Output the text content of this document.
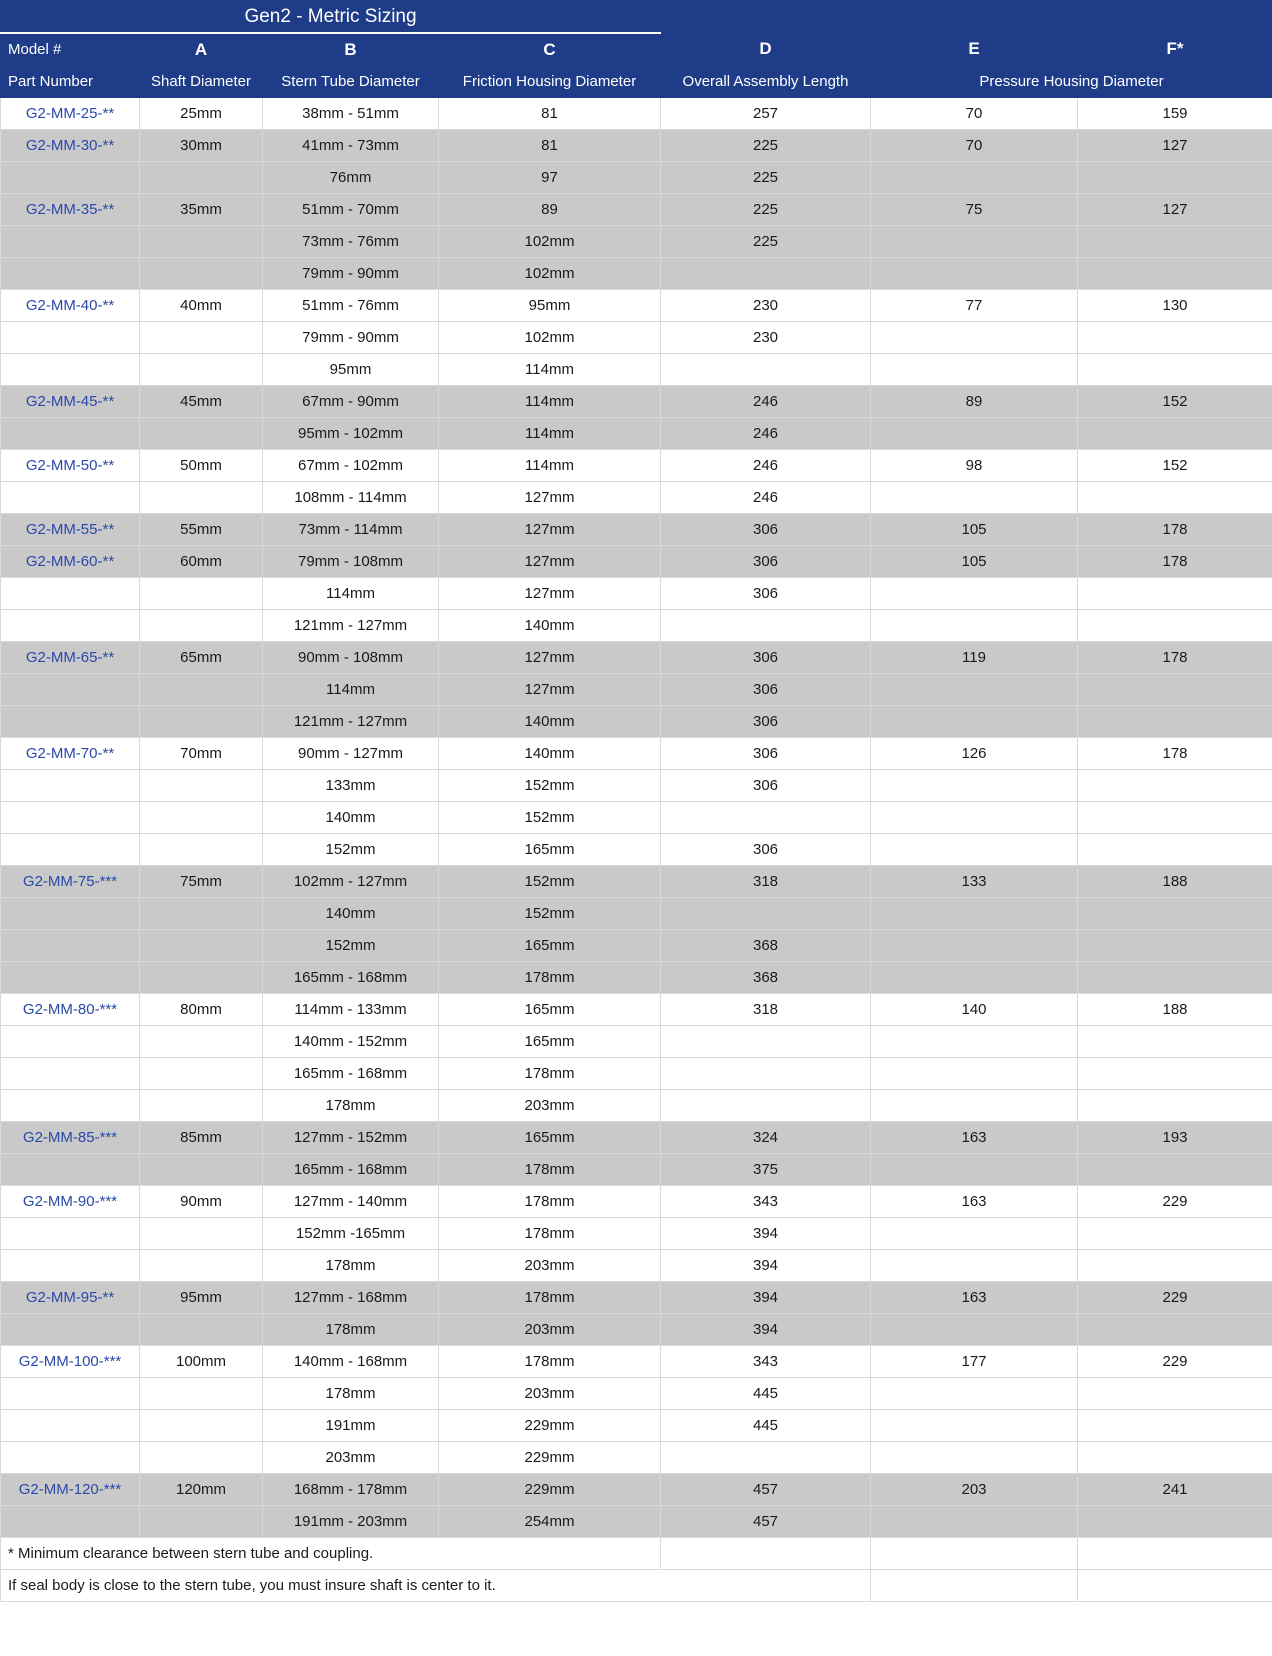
Gen2 - Metric Sizing						
Model #	A	B	C	D	E	F*
Part Number	Shaft Diameter	Stern Tube Diameter	Friction Housing Diameter	Overall Assembly Length	Pressure Housing Diameter	
G2-MM-25-**	25mm	38mm - 51mm	81	257	70	159
G2-MM-30-**	30mm	41mm - 73mm	81	225	70	127
		76mm	97	225		
G2-MM-35-**	35mm	51mm - 70mm	89	225	75	127
		73mm - 76mm	102mm	225		
		79mm - 90mm	102mm			
G2-MM-40-**	40mm	51mm - 76mm	95mm	230	77	130
		79mm - 90mm	102mm	230		
		95mm	114mm			
G2-MM-45-**	45mm	67mm - 90mm	114mm	246	89	152
		95mm - 102mm	114mm	246		
G2-MM-50-**	50mm	67mm - 102mm	114mm	246	98	152
		108mm - 114mm	127mm	246		
G2-MM-55-**	55mm	73mm - 114mm	127mm	306	105	178
G2-MM-60-**	60mm	79mm - 108mm	127mm	306	105	178
		114mm	127mm	306		
		121mm - 127mm	140mm			
G2-MM-65-**	65mm	90mm - 108mm	127mm	306	119	178
		114mm	127mm	306		
		121mm - 127mm	140mm	306		
G2-MM-70-**	70mm	90mm - 127mm	140mm	306	126	178
		133mm	152mm	306		
		140mm	152mm			
		152mm	165mm	306		
G2-MM-75-***	75mm	102mm - 127mm	152mm	318	133	188
		140mm	152mm			
		152mm	165mm	368		
		165mm - 168mm	178mm	368		
G2-MM-80-***	80mm	114mm - 133mm	165mm	318	140	188
		140mm - 152mm	165mm			
		165mm - 168mm	178mm			
		178mm	203mm			
G2-MM-85-***	85mm	127mm - 152mm	165mm	324	163	193
		165mm - 168mm	178mm	375		
G2-MM-90-***	90mm	127mm - 140mm	178mm	343	163	229
		152mm -165mm	178mm	394		
		178mm	203mm	394		
G2-MM-95-**	95mm	127mm - 168mm	178mm	394	163	229
		178mm	203mm	394		
G2-MM-100-***	100mm	140mm - 168mm	178mm	343	177	229
		178mm	203mm	445		
		191mm	229mm	445		
		203mm	229mm			
G2-MM-120-***	120mm	168mm - 178mm	229mm	457	203	241
		191mm - 203mm	254mm	457		
* Minimum clearance between stern tube and coupling.						
If seal body is close to the stern tube, you must insure shaft is center to it.						
